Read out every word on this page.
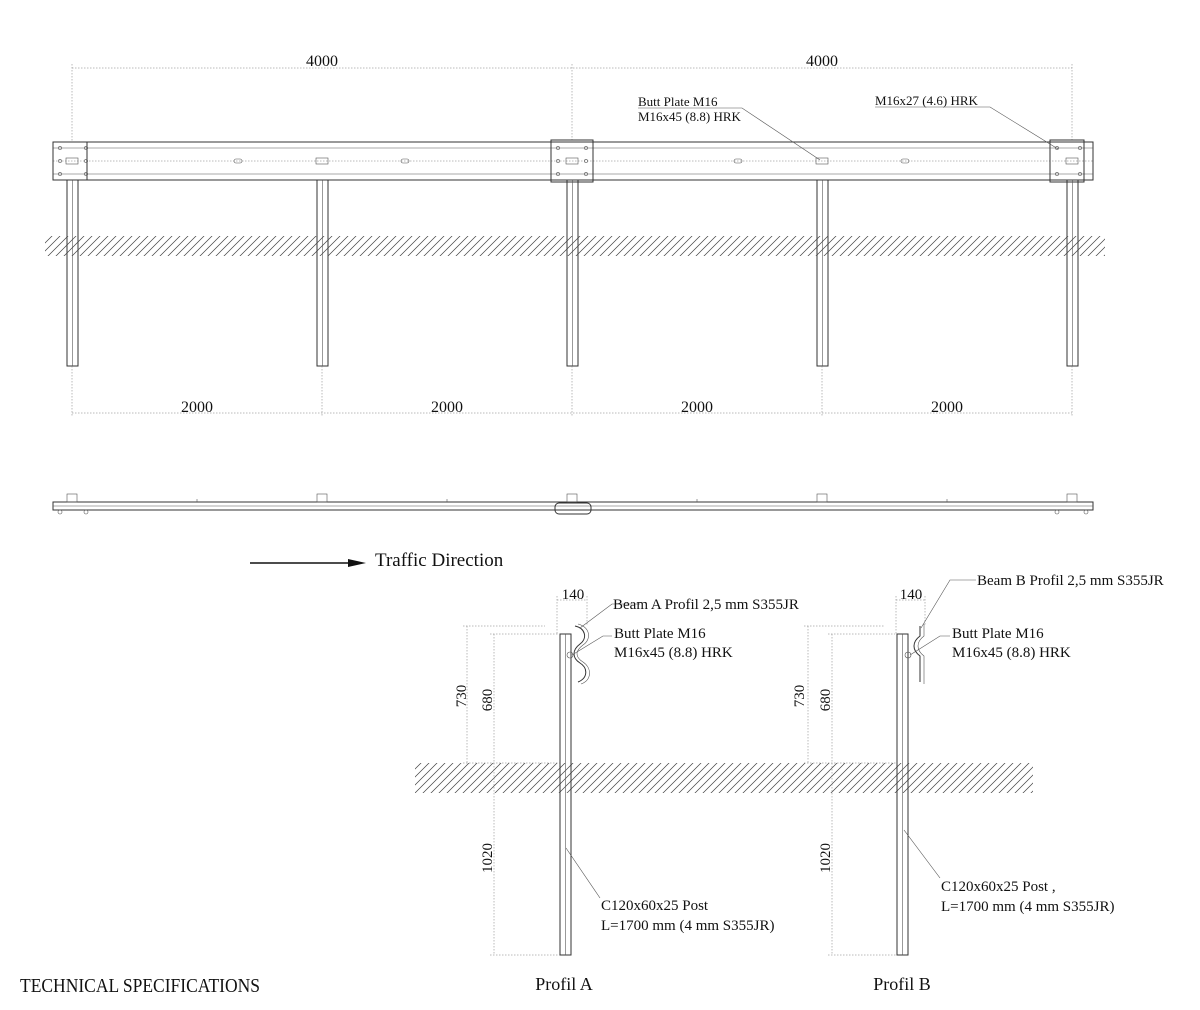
4000	4000
2000	2000	2000	2000
Butt Plate M16
M16x45 (8.8) HRK
M16x27 (4.6) HRK
Traffic Direction
140
730 680
1020
Beam A Profil 2,5 mm S355JR
Butt Plate M16
M16x45 (8.8) HRK
C120x60x25 Post
L=1700 mm (4 mm S355JR)
Profil A
140
730 680
1020
Beam B Profil 2,5 mm S355JR
Butt Plate M16
M16x45 (8.8) HRK
C120x60x25 Post ,
L=1700 mm (4 mm S355JR)
Profil B
TECHNICAL SPECIFICATIONS
